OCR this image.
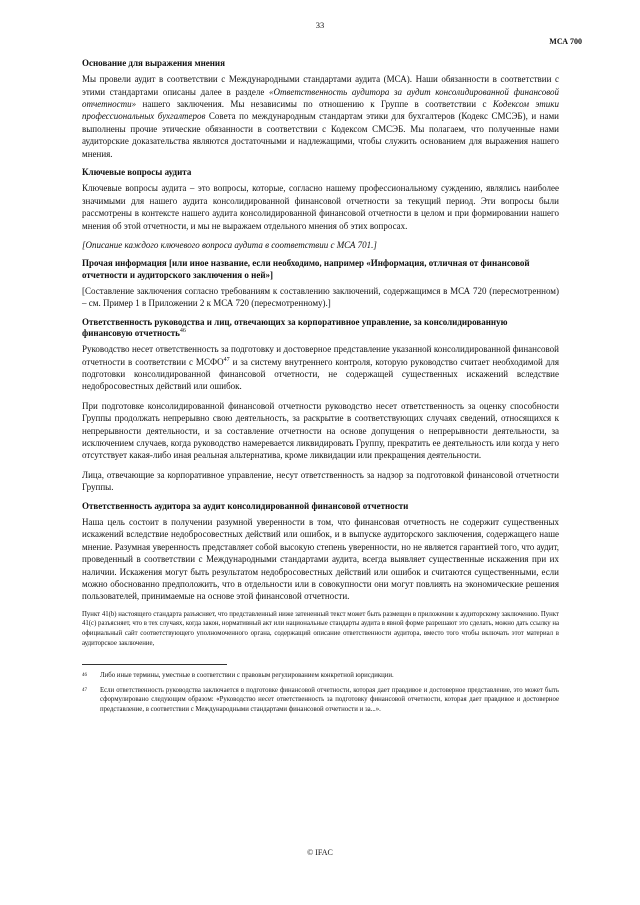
33
МСА 700
Основание для выражения мнения

Мы провели аудит в соответствии с Международными стандартами аудита (МСА). Наши обязанности в соответствии с этими стандартами описаны далее в разделе «Ответственность аудитора за аудит консолидированной финансовой отчетности» нашего заключения. Мы независимы по отношению к Группе в соответствии с Кодексом этики профессиональных бухгалтеров Совета по международным стандартам этики для бухгалтеров (Кодекс СМСЭБ), и нами выполнены прочие этические обязанности в соответствии с Кодексом СМСЭБ. Мы полагаем, что полученные нами аудиторские доказательства являются достаточными и надлежащими, чтобы служить основанием для выражения нашего мнения.

Ключевые вопросы аудита

Ключевые вопросы аудита – это вопросы, которые, согласно нашему профессиональному суждению, являлись наиболее значимыми для нашего аудита консолидированной финансовой отчетности за текущий период. Эти вопросы были рассмотрены в контексте нашего аудита консолидированной финансовой отчетности в целом и при формировании нашего мнения об этой отчетности, и мы не выражаем отдельного мнения об этих вопросах.

[Описание каждого ключевого вопроса аудита в соответствии с МСА 701.]

Прочая информация [или иное название, если необходимо, например «Информация, отличная от финансовой отчетности и аудиторского заключения о ней»]

[Составление заключения согласно требованиям к составлению заключений, содержащимся в МСА 720 (пересмотренном) – см. Пример 1 в Приложении 2 к МСА 720 (пересмотренному).]

Ответственность руководства и лиц, отвечающих за корпоративное управление, за консолидированную финансовую отчетность$^{46}$

Руководство несет ответственность за подготовку и достоверное представление указанной консолидированной финансовой отчетности в соответствии с МСФО$^{47}$ и за систему внутреннего контроля, которую руководство считает необходимой для подготовки консолидированной финансовой отчетности, не содержащей существенных искажений вследствие недобросовестных действий или ошибок.

При подготовке консолидированной финансовой отчетности руководство несет ответственность за оценку способности Группы продолжать непрерывно свою деятельность, за раскрытие в соответствующих случаях сведений, относящихся к непрерывности деятельности, и за составление отчетности на основе допущения о непрерывности деятельности, за исключением случаев, когда руководство намеревается ликвидировать Группу, прекратить ее деятельность или когда у него отсутствует какая-либо иная реальная альтернатива, кроме ликвидации или прекращения деятельности.

Лица, отвечающие за корпоративное управление, несут ответственность за надзор за подготовкой финансовой отчетности Группы.

Ответственность аудитора за аудит консолидированной финансовой отчетности

Наша цель состоит в получении разумной уверенности в том, что финансовая отчетность не содержит существенных искажений вследствие недобросовестных действий или ошибок, и в выпуске аудиторского заключения, содержащего наше мнение. Разумная уверенность представляет собой высокую степень уверенности, но не является гарантией того, что аудит, проведенный в соответствии с Международными стандартами аудита, всегда выявляет существенные искажения при их наличии. Искажения могут быть результатом недобросовестных действий или ошибок и считаются существенными, если можно обоснованно предположить, что в отдельности или в совокупности они могут повлиять на экономические решения пользователей, принимаемые на основе этой финансовой отчетности.

Пункт 41(b) настоящего стандарта разъясняет, что представленный ниже затененный текст может быть размещен в приложении к аудиторскому заключению. Пункт 41(c) разъясняет, что в тех случаях, когда закон, нормативный акт или национальные стандарты аудита в явной форме разрешают это сделать, можно дать ссылку на официальный сайт соответствующего уполномоченного органа, содержащий описание ответственности аудитора, вместо того чтобы включать этот материал в аудиторское заключение,

46	Либо иные термины, уместные в соответствии с правовым регулированием конкретной юрисдикции.
47	Если ответственность руководства заключается в подготовке финансовой отчетности, которая дает правдивое и достоверное представление, это может быть сформулировано следующим образом: «Руководство несет ответственность за подготовку финансовой отчетности, которая дает правдивое и достоверное представление, в соответствии с Международными стандартами финансовой отчетности и за...».
© IFAC
